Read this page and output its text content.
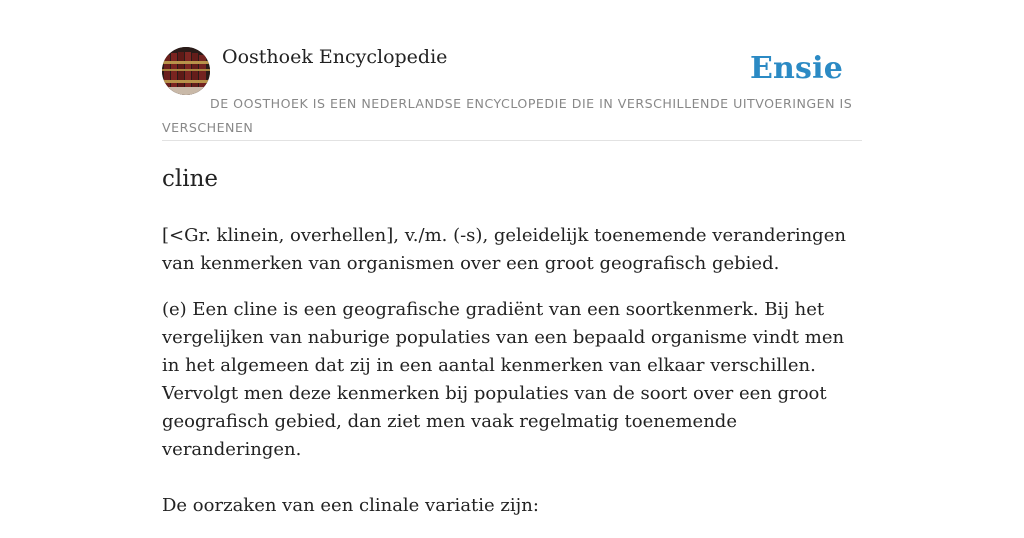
Oosthoek Encyclopedie	Ensie
DE OOSTHOEK IS EEN NEDERLANDSE ENCYCLOPEDIE DIE IN VERSCHILLENDE UITVOERINGEN IS VERSCHENEN
cline

[<Gr. klinein, overhellen], v./m. (-s), geleidelijk toenemende veranderingen van kenmerken van organismen over een groot geografisch gebied.

(e) Een cline is een geografische gradiënt van een soortkenmerk. Bij het vergelijken van naburige populaties van een bepaald organisme vindt men in het algemeen dat zij in een aantal kenmerken van elkaar verschillen. Vervolgt men deze kenmerken bij populaties van de soort over een groot geografisch gebied, dan ziet men vaak regelmatig toenemende veranderingen.

De oorzaken van een clinale variatie zijn:
